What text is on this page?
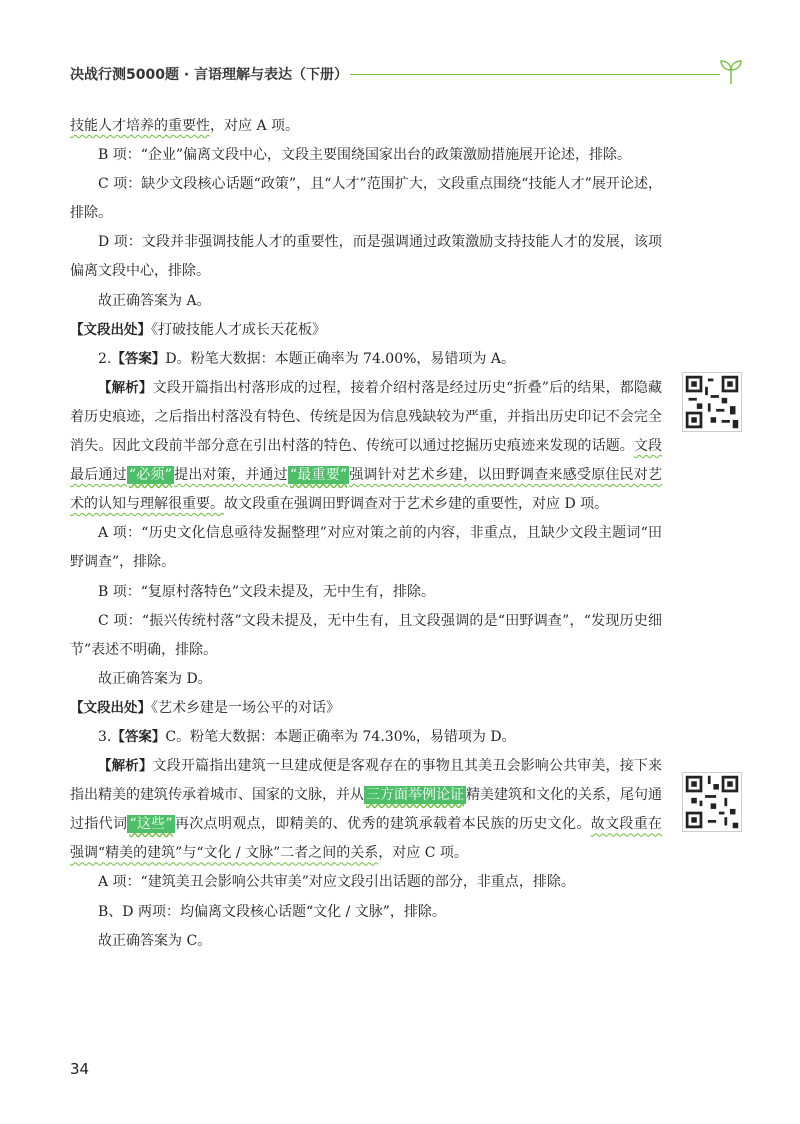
决战行测5000题 · 言语理解与表达（下册）

技能人才培养的重要性，对应 A 项。

B 项：“企业”偏离文段中心，文段主要围绕国家出台的政策激励措施展开论述，排除。

C 项：缺少文段核心话题“政策”，且“人才”范围扩大，文段重点围绕“技能人才”展开论述，排除。

D 项：文段并非强调技能人才的重要性，而是强调通过政策激励支持技能人才的发展，该项偏离文段中心，排除。

故正确答案为 A。

【文段出处】《打破技能人才成长天花板》

2.【答案】D。粉笔大数据：本题正确率为 74.00%，易错项为 A。

【解析】文段开篇指出村落形成的过程，接着介绍村落是经过历史“折叠”后的结果，都隐藏着历史痕迹，之后指出村落没有特色、传统是因为信息残缺较为严重，并指出历史印记不会完全消失。因此文段前半部分意在引出村落的特色、传统可以通过挖掘历史痕迹来发现的话题。文段最后通过 “必须” 提出对策，并通过 “最重要” 强调针对艺术乡建，以田野调查来感受原住民对艺术的认知与理解很重要。故文段重在强调田野调查对于艺术乡建的重要性，对应 D 项。

A 项：“历史文化信息亟待发掘整理”对应对策之前的内容，非重点，且缺少文段主题词“田野调查”，排除。

B 项：“复原村落特色”文段未提及，无中生有，排除。

C 项：“振兴传统村落”文段未提及，无中生有，且文段强调的是“田野调查”，“发现历史细节”表述不明确，排除。

故正确答案为 D。

【文段出处】《艺术乡建是一场公平的对话》

3.【答案】C。粉笔大数据：本题正确率为 74.30%，易错项为 D。

【解析】文段开篇指出建筑一旦建成便是客观存在的事物且其美丑会影响公共审美，接下来指出精美的建筑传承着城市、国家的文脉，并从 三方面举例论证 精美建筑和文化的关系，尾句通过指代词 “这些” 再次点明观点，即精美的、优秀的建筑承载着本民族的历史文化。故文段重在强调“精美的建筑”与“文化 / 文脉”二者之间的关系，对应 C 项。

A 项：“建筑美丑会影响公共审美”对应文段引出话题的部分，非重点，排除。

B、D 两项：均偏离文段核心话题“文化 / 文脉”，排除。

故正确答案为 C。

34
